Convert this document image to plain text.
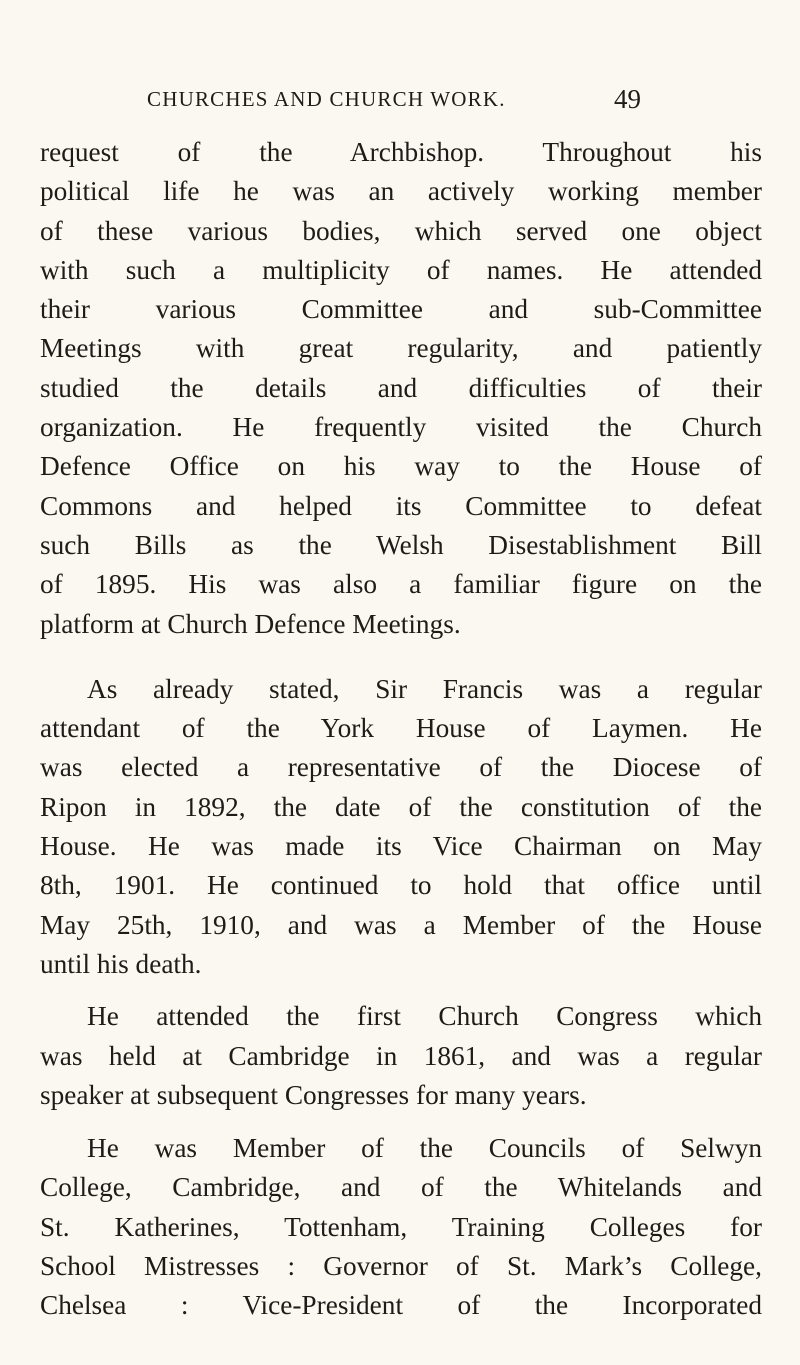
CHURCHES AND CHURCH WORK.	49
request of the Archbishop. Throughout his
political life he was an actively working member
of these various bodies, which served one object
with such a multiplicity of names. He attended
their various Committee and sub-Committee
Meetings with great regularity, and patiently
studied the details and difficulties of their
organization. He frequently visited the Church
Defence Office on his way to the House of
Commons and helped its Committee to defeat
such Bills as the Welsh Disestablishment Bill
of 1895. His was also a familiar figure on the
platform at Church Defence Meetings.
As already stated, Sir Francis was a regular
attendant of the York House of Laymen. He
was elected a representative of the Diocese of
Ripon in 1892, the date of the constitution of the
House. He was made its Vice Chairman on May
8th, 1901. He continued to hold that office until
May 25th, 1910, and was a Member of the House
until his death.
He attended the first Church Congress which
was held at Cambridge in 1861, and was a regular
speaker at subsequent Congresses for many years.
He was Member of the Councils of Selwyn
College, Cambridge, and of the Whitelands and
St. Katherines, Tottenham, Training Colleges for
School Mistresses : Governor of St. Mark’s College,
Chelsea : Vice-President of the Incorporated
